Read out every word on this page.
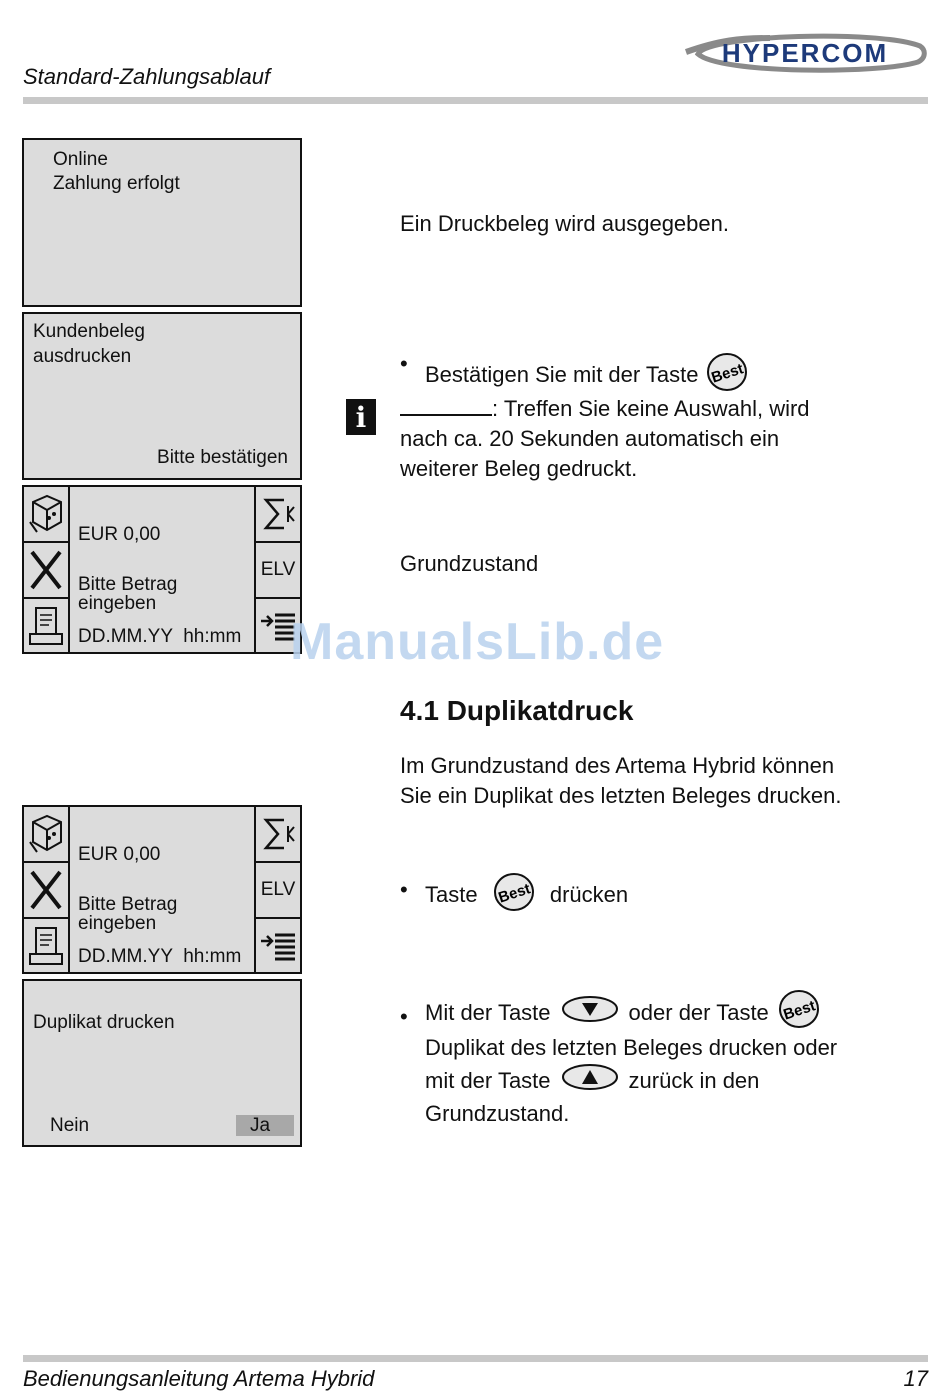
Standard-Zahlungsablauf
HYPERCOM
Online
Zahlung erfolgt
Kundenbeleg
ausdrucken
Bitte bestätigen
ELV
EUR 0,00
Bitte Betrag
eingeben
DD.MM.YY  hh:mm
ELV
EUR 0,00
Bitte Betrag
eingeben
DD.MM.YY  hh:mm
Duplikat drucken
Nein	Ja
Ein Druckbeleg wird ausgegeben.
• Bestätigen Sie mit der Taste Best
i	: Treffen Sie keine Auswahl, wird
nach ca. 20 Sekunden automatisch ein
weiterer Beleg gedruckt.
Grundzustand
ManualsLib.de
4.1 Duplikatdruck
Im Grundzustand des Artema Hybrid können
Sie ein Duplikat des letzten Beleges drucken.
• Taste Best drücken
• Mit der Taste	oder der Taste Best
Duplikat des letzten Beleges drucken oder
mit der Taste	zurück in den
Grundzustand.
Bedienungsanleitung Artema Hybrid	17
